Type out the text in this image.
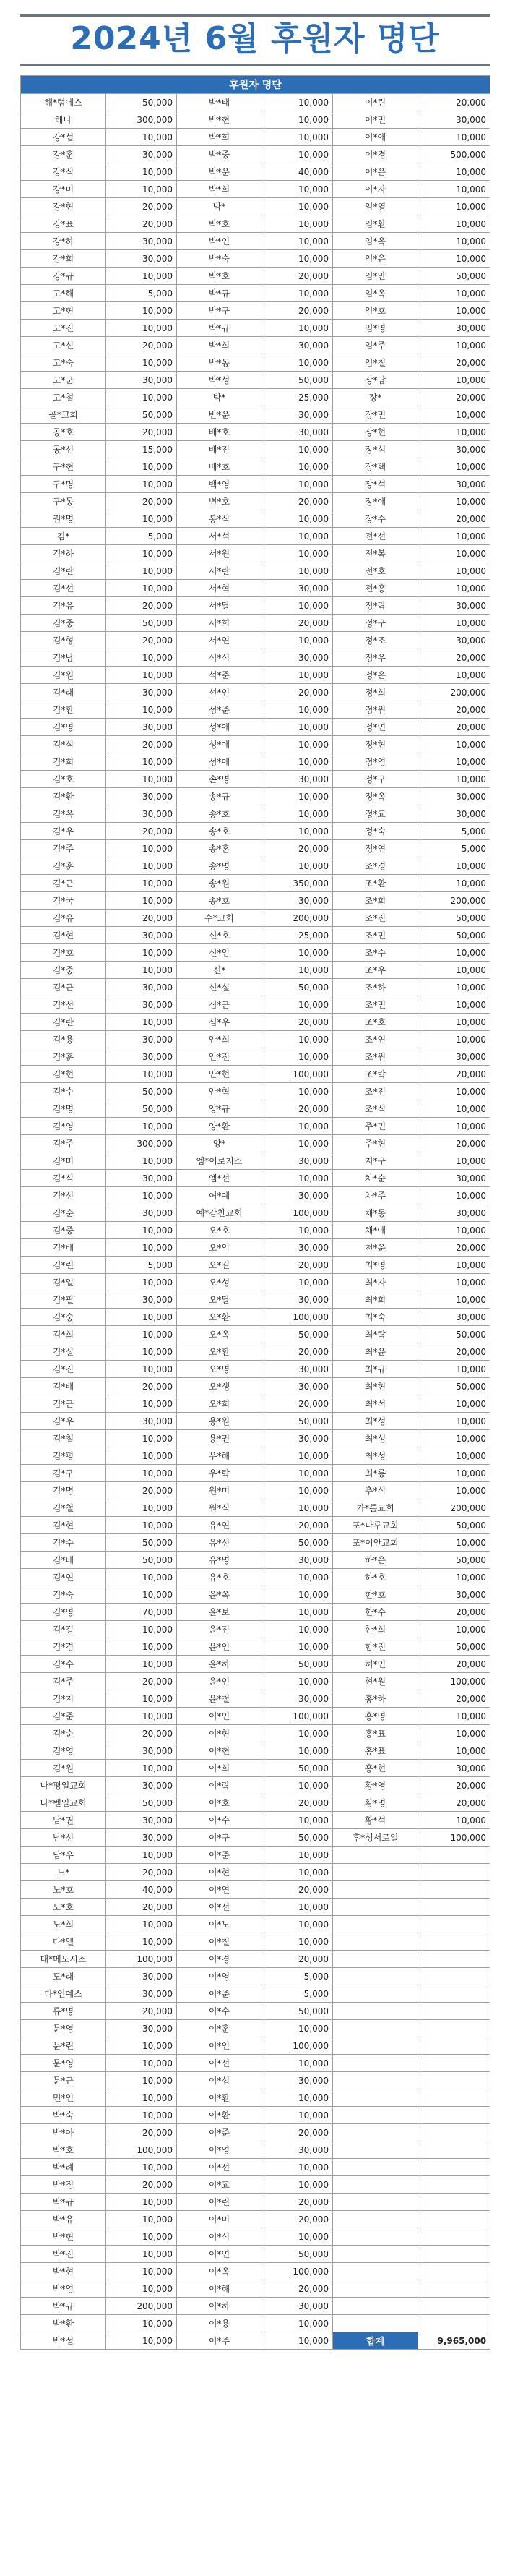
2024년 6월 후원자 명단
후원자 명단					
해*럼에스	50,000	박*태	10,000	이*린	20,000
해나	300,000	박*현	10,000	이*민	30,000
강*섭	10,000	박*희	10,000	이*애	10,000
강*훈	30,000	박*중	10,000	이*경	500,000
강*식	10,000	박*운	40,000	이*은	10,000
강*미	10,000	박*희	10,000	이*자	10,000
강*현	20,000	박*	10,000	임*열	10,000
강*표	20,000	박*호	10,000	임*환	10,000
강*하	30,000	박*인	10,000	임*옥	10,000
강*희	30,000	박*숙	10,000	임*은	10,000
강*규	10,000	박*호	20,000	임*만	50,000
고*해	5,000	박*규	10,000	임*옥	10,000
고*현	10,000	박*구	20,000	임*호	10,000
고*진	10,000	박*규	10,000	임*영	30,000
고*신	20,000	박*희	30,000	임*주	10,000
고*숙	10,000	박*동	10,000	임*철	20,000
고*군	30,000	박*성	50,000	장*남	10,000
고*철	10,000	박*	25,000	장*	20,000
골*교회	50,000	반*운	30,000	장*민	10,000
공*호	20,000	배*호	30,000	장*현	10,000
공*선	15,000	배*진	10,000	장*석	30,000
구*현	10,000	배*호	10,000	장*택	10,000
구*명	10,000	백*영	10,000	장*석	30,000
구*동	20,000	변*호	20,000	장*애	10,000
권*명	10,000	봉*식	10,000	장*수	20,000
김*	5,000	서*석	10,000	전*선	10,000
김*하	10,000	서*원	10,000	전*복	10,000
김*란	10,000	서*란	10,000	전*호	10,000
김*선	10,000	서*혁	30,000	전*흥	10,000
김*유	20,000	서*달	10,000	정*락	30,000
김*중	50,000	서*희	20,000	정*구	10,000
김*형	20,000	서*연	10,000	정*조	30,000
김*남	10,000	석*석	30,000	정*우	20,000
김*원	10,000	석*준	10,000	정*은	10,000
김*래	30,000	선*인	20,000	정*희	200,000
김*환	10,000	성*준	10,000	정*원	20,000
김*영	30,000	성*애	10,000	정*연	20,000
김*식	20,000	성*애	10,000	정*현	10,000
김*희	10,000	성*애	10,000	정*영	10,000
김*호	10,000	손*명	30,000	정*구	10,000
김*환	30,000	송*규	10,000	정*옥	30,000
김*옥	30,000	송*호	10,000	정*교	30,000
김*우	20,000	송*호	10,000	정*숙	5,000
김*주	10,000	송*혼	20,000	정*연	5,000
김*훈	10,000	송*명	10,000	조*경	10,000
김*근	10,000	송*원	350,000	조*환	10,000
김*국	10,000	송*호	30,000	조*희	200,000
김*유	20,000	수*교회	200,000	조*진	50,000
김*현	30,000	신*호	25,000	조*민	50,000
김*호	10,000	신*임	10,000	조*수	10,000
김*중	10,000	신*	10,000	조*우	10,000
김*근	30,000	신*실	50,000	조*하	10,000
김*선	30,000	심*근	10,000	조*민	10,000
김*란	10,000	심*우	20,000	조*호	10,000
김*용	30,000	안*희	10,000	조*연	10,000
김*훈	30,000	안*진	10,000	조*원	30,000
김*현	10,000	안*현	100,000	조*락	20,000
김*수	50,000	안*혁	10,000	조*진	10,000
김*명	50,000	양*규	20,000	조*식	10,000
김*영	10,000	양*환	10,000	주*민	10,000
김*주	300,000	양*	10,000	주*현	20,000
김*미	10,000	엠*이로지스	30,000	지*구	10,000
김*식	30,000	엠*선	10,000	차*순	30,000
김*선	10,000	여*예	30,000	차*주	10,000
김*순	30,000	예*감찬교회	100,000	채*동	30,000
김*중	10,000	오*호	10,000	채*애	10,000
김*배	10,000	오*익	30,000	천*운	20,000
김*린	5,000	오*길	20,000	최*영	10,000
김*일	10,000	오*성	10,000	최*자	10,000
김*필	30,000	오*달	30,000	최*희	10,000
김*숭	10,000	오*환	100,000	최*숙	30,000
김*희	10,000	오*옥	50,000	최*락	50,000
김*실	10,000	오*환	20,000	최*윤	20,000
김*진	10,000	오*명	30,000	최*규	10,000
김*배	20,000	오*생	30,000	최*현	50,000
김*근	10,000	오*희	20,000	최*석	10,000
김*우	30,000	용*원	50,000	최*성	10,000
김*철	10,000	용*권	30,000	최*성	10,000
김*평	10,000	우*해	10,000	최*성	10,000
김*구	10,000	우*락	10,000	최*룡	10,000
김*명	20,000	원*미	10,000	추*식	10,000
김*철	10,000	원*식	10,000	카*롬교회	200,000
김*현	10,000	유*연	20,000	포*나루교회	50,000
김*수	50,000	유*선	50,000	포*이안교회	10,000
김*배	50,000	유*명	30,000	하*은	50,000
김*연	10,000	유*호	10,000	하*호	10,000
김*숙	10,000	윤*옥	10,000	한*호	30,000
김*영	70,000	윤*보	10,000	한*수	20,000
김*길	10,000	윤*진	10,000	한*희	10,000
김*경	10,000	윤*인	10,000	함*진	50,000
김*수	10,000	윤*하	50,000	허*인	20,000
김*주	20,000	윤*인	10,000	현*원	100,000
김*지	10,000	윤*철	30,000	홍*하	20,000
김*준	10,000	이*인	100,000	홍*영	10,000
김*순	20,000	이*현	10,000	홍*표	10,000
김*영	30,000	이*현	10,000	홍*표	10,000
김*원	10,000	이*희	50,000	홍*현	30,000
나*평일교회	30,000	이*락	10,000	황*영	20,000
나*벧일교회	50,000	이*호	20,000	황*명	20,000
남*권	30,000	이*수	10,000	황*석	10,000
남*선	30,000	이*구	50,000	후*성서로일	100,000
남*우	10,000	이*준	10,000		
노*	20,000	이*현	10,000		
노*호	40,000	이*연	20,000		
노*호	20,000	이*선	10,000		
노*희	10,000	이*노	10,000		
다*엘	10,000	이*철	10,000		
대*메노시스	100,000	이*경	20,000		
도*래	30,000	이*영	5,000		
다*인예스	30,000	이*준	5,000		
류*명	20,000	이*수	50,000		
문*영	30,000	이*훈	10,000		
문*린	10,000	이*인	100,000		
문*영	10,000	이*선	10,000		
문*근	10,000	이*섭	30,000		
민*인	10,000	이*환	10,000		
박*숙	10,000	이*환	10,000		
박*아	20,000	이*준	20,000		
박*호	100,000	이*영	30,000		
박*례	10,000	이*선	10,000		
박*정	20,000	이*교	10,000		
박*규	10,000	이*린	20,000		
박*유	10,000	이*미	20,000		
박*현	10,000	이*석	10,000		
박*진	10,000	이*연	50,000		
박*현	10,000	이*옥	100,000		
박*영	10,000	이*해	20,000		
박*규	200,000	이*하	30,000		
박*환	10,000	이*용	10,000		
박*섭	10,000	이*주	10,000	합계	9,965,000
